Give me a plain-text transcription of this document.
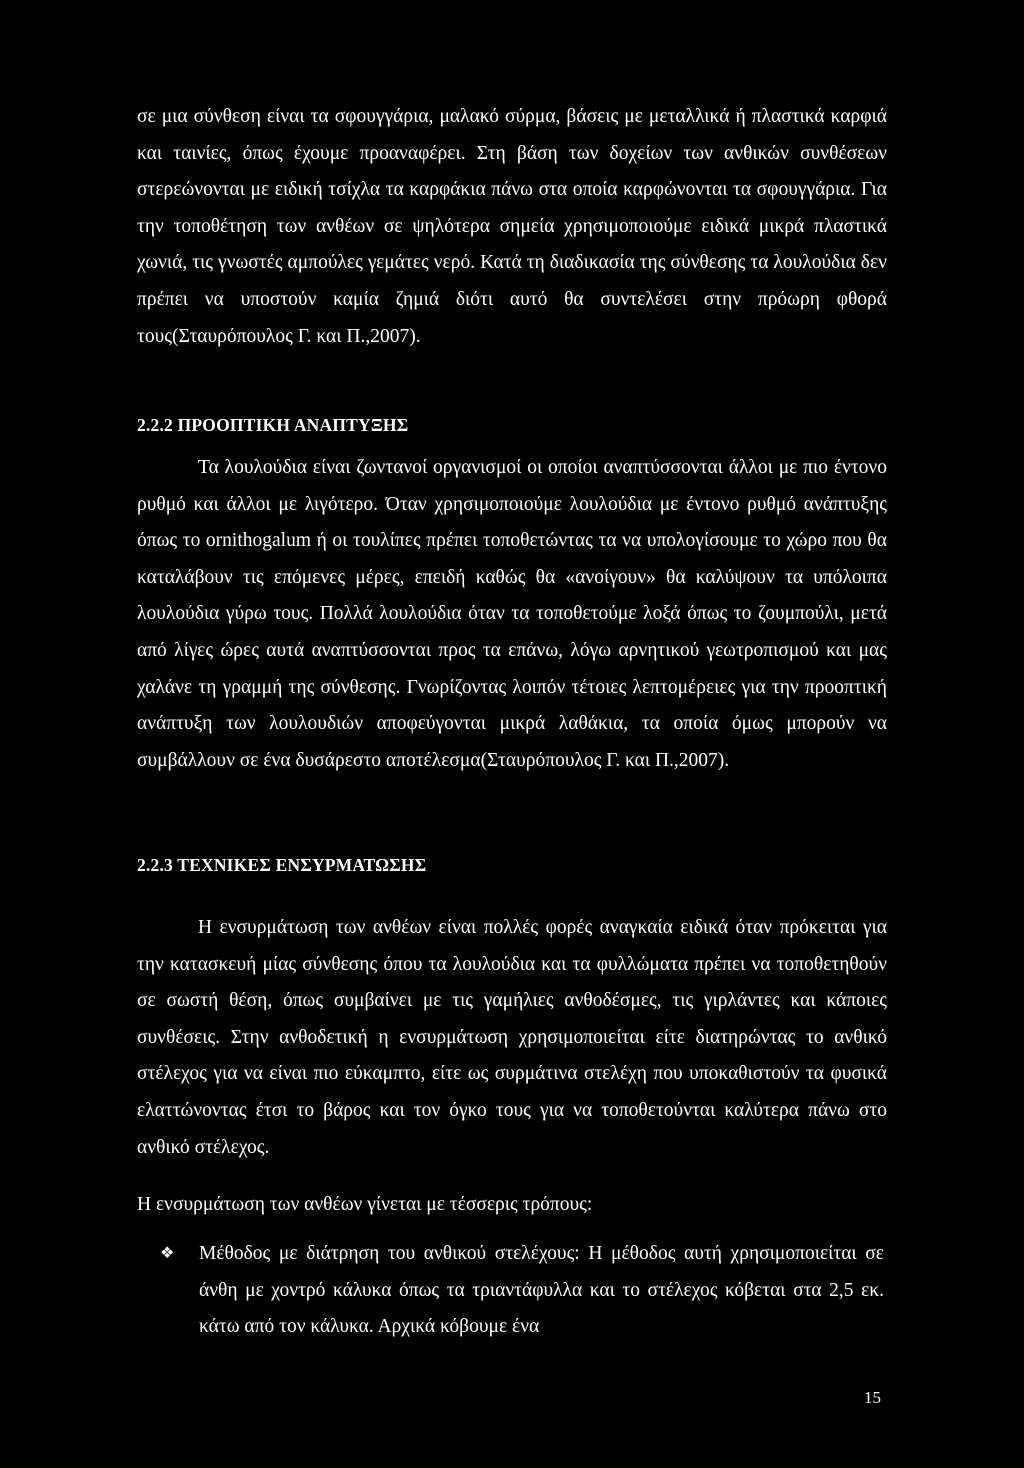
σε μια σύνθεση είναι τα σφουγγάρια, μαλακό σύρμα, βάσεις με μεταλλικά ή πλαστικά καρφιά και ταινίες, όπως έχουμε προαναφέρει. Στη βάση των δοχείων των ανθικών συνθέσεων στερεώνονται με ειδική τσίχλα τα καρφάκια πάνω στα οποία καρφώνονται τα σφουγγάρια. Για την τοποθέτηση των ανθέων σε ψηλότερα σημεία χρησιμοποιούμε ειδικά μικρά πλαστικά χωνιά, τις γνωστές αμπούλες γεμάτες νερό. Κατά τη διαδικασία της σύνθεσης τα λουλούδια δεν πρέπει να υποστούν καμία ζημιά διότι αυτό θα συντελέσει στην πρόωρη φθορά τους(Σταυρόπουλος Γ. και Π.,2007).

2.2.2 ΠΡΟΟΠΤΙΚΗ ΑΝΑΠΤΥΞΗΣ

Τα λουλούδια είναι ζωντανοί οργανισμοί οι οποίοι αναπτύσσονται άλλοι με πιο έντονο ρυθμό και άλλοι με λιγότερο. Όταν χρησιμοποιούμε λουλούδια με έντονο ρυθμό ανάπτυξης όπως το ornithogalum ή οι τουλίπες πρέπει τοποθετώντας τα να υπολογίσουμε το χώρο που θα καταλάβουν τις επόμενες μέρες, επειδή καθώς θα «ανοίγουν» θα καλύψουν τα υπόλοιπα λουλούδια γύρω τους. Πολλά λουλούδια όταν τα τοποθετούμε λοξά όπως το ζουμπούλι, μετά από λίγες ώρες αυτά αναπτύσσονται προς τα επάνω, λόγω αρνητικού γεωτροπισμού και μας χαλάνε τη γραμμή της σύνθεσης. Γνωρίζοντας λοιπόν τέτοιες λεπτομέρειες για την προοπτική ανάπτυξη των λουλουδιών αποφεύγονται μικρά λαθάκια, τα οποία όμως μπορούν να συμβάλλουν σε ένα δυσάρεστο αποτέλεσμα(Σταυρόπουλος Γ. και Π.,2007).

2.2.3 ΤΕΧΝΙΚΕΣ ΕΝΣΥΡΜΑΤΩΣΗΣ

Η ενσυρμάτωση των ανθέων είναι πολλές φορές αναγκαία ειδικά όταν πρόκειται για την κατασκευή μίας σύνθεσης όπου τα λουλούδια και τα φυλλώματα πρέπει να τοποθετηθούν σε σωστή θέση, όπως συμβαίνει με τις γαμήλιες ανθοδέσμες, τις γιρλάντες και κάποιες συνθέσεις. Στην ανθοδετική η ενσυρμάτωση χρησιμοποιείται είτε διατηρώντας το ανθικό στέλεχος για να είναι πιο εύκαμπτο, είτε ως συρμάτινα στελέχη που υποκαθιστούν τα φυσικά ελαττώνοντας έτσι το βάρος και τον όγκο τους για να τοποθετούνται καλύτερα πάνω στο ανθικό στέλεχος.

Η ενσυρμάτωση των ανθέων γίνεται με τέσσερις τρόπους:

❖ Μέθοδος με διάτρηση του ανθικού στελέχους: Η μέθοδος αυτή χρησιμοποιείται σε άνθη με χοντρό κάλυκα όπως τα τριαντάφυλλα και το στέλεχος κόβεται στα 2,5 εκ. κάτω από τον κάλυκα. Αρχικά κόβουμε ένα

15
